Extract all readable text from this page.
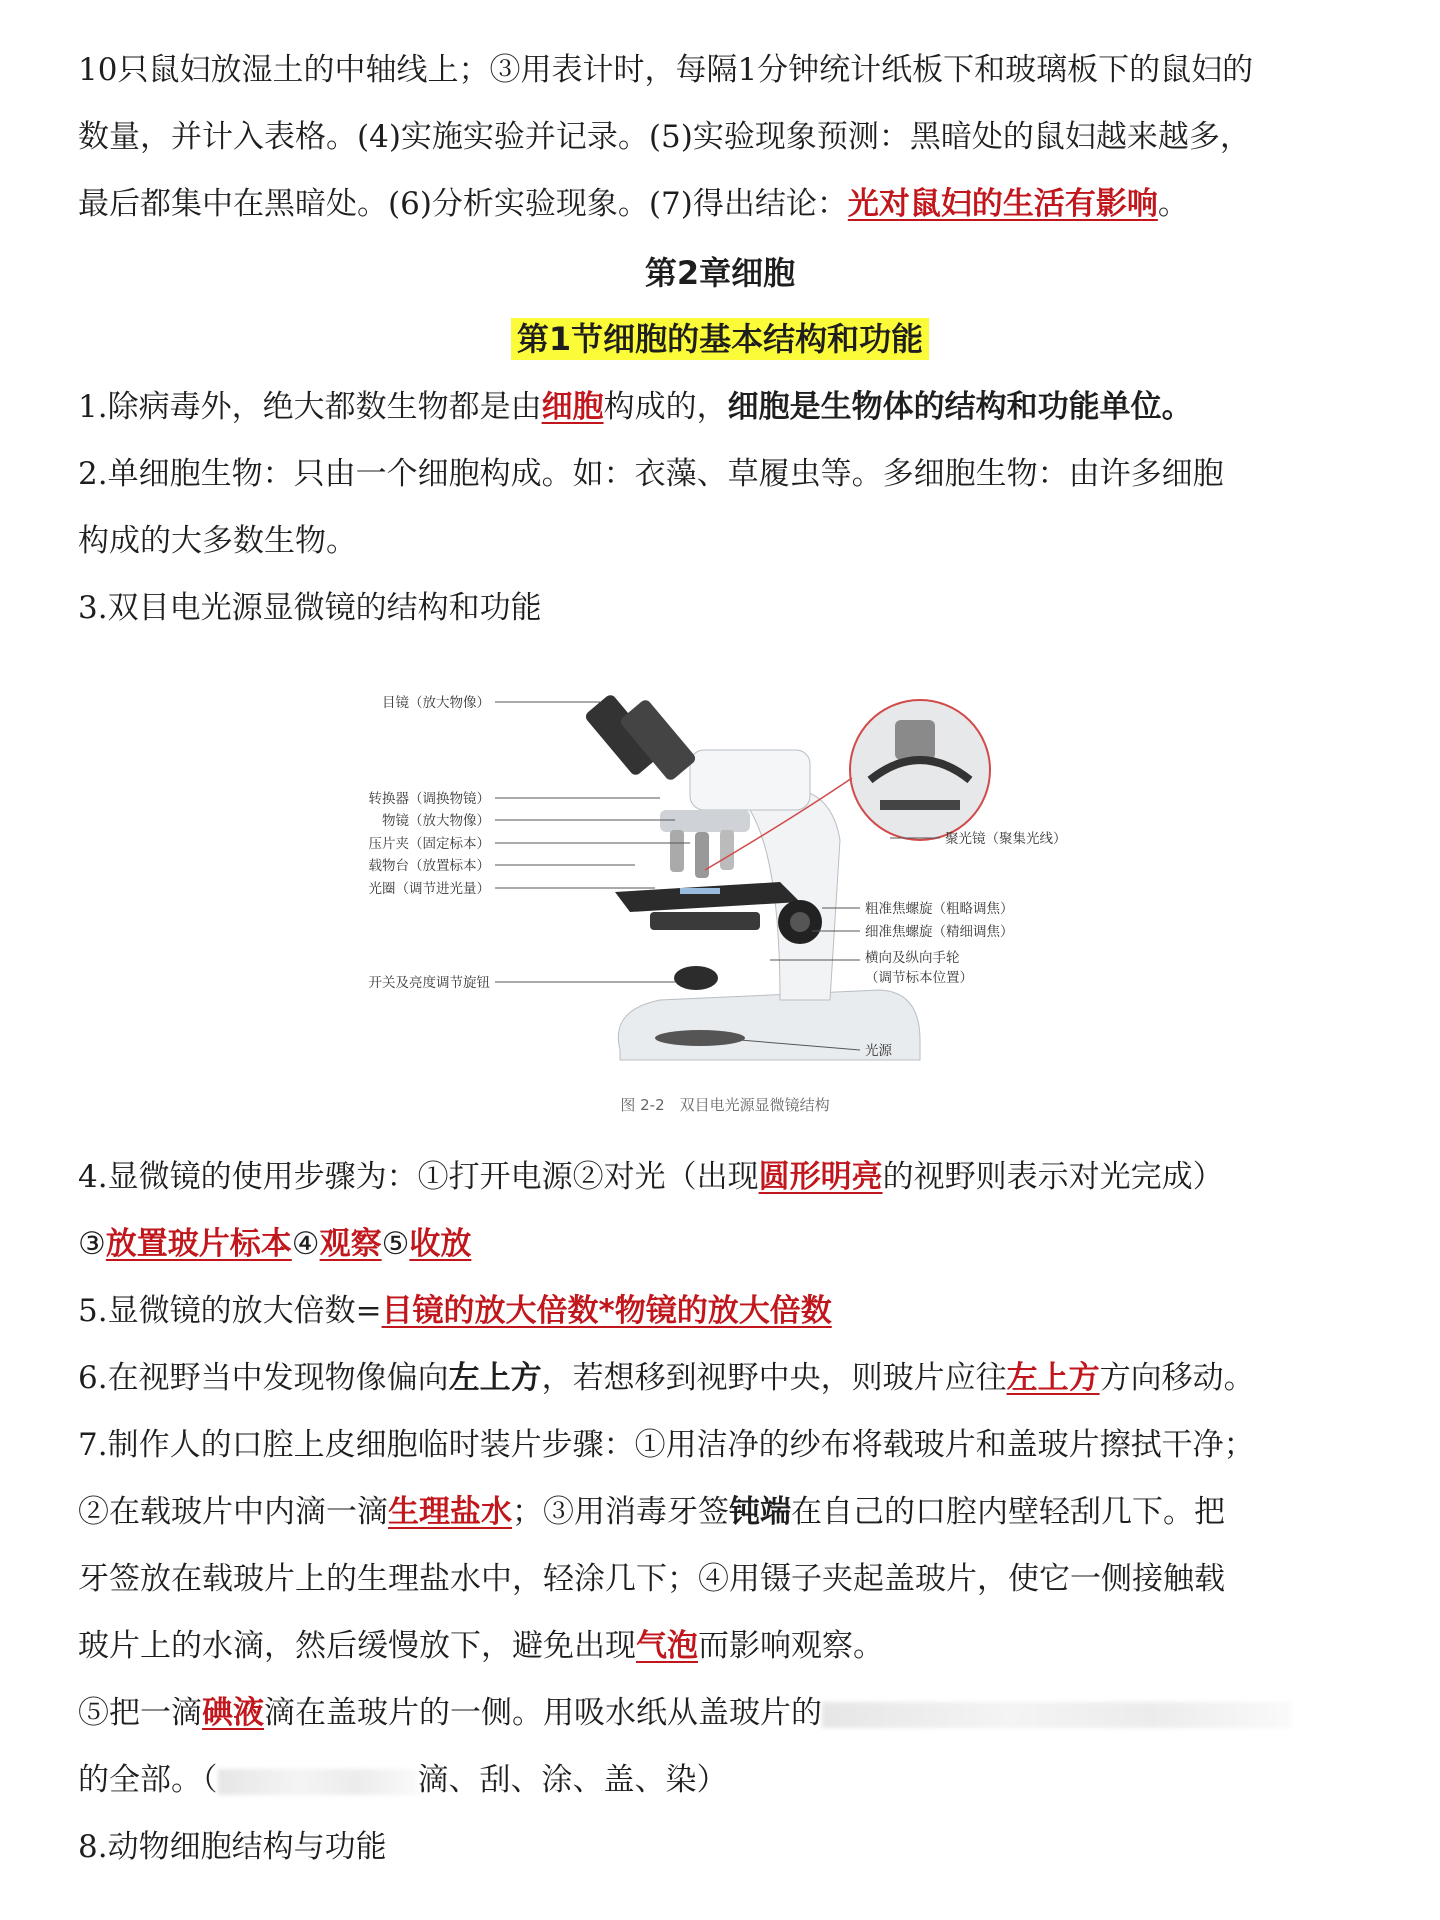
10只鼠妇放湿土的中轴线上；③用表计时，每隔1分钟统计纸板下和玻璃板下的鼠妇的
数量，并计入表格。(4)实施实验并记录。(5)实验现象预测：黑暗处的鼠妇越来越多，
最后都集中在黑暗处。(6)分析实验现象。(7)得出结论：光对鼠妇的生活有影响。
第2章细胞
第1节细胞的基本结构和功能
1.除病毒外，绝大都数生物都是由细胞构成的，细胞是生物体的结构和功能单位。
2.单细胞生物：只由一个细胞构成。如：衣藻、草履虫等。多细胞生物：由许多细胞
构成的大多数生物。
3.双目电光源显微镜的结构和功能
目镜（放大物像）
转换器（调换物镜）
物镜（放大物像）
压片夹（固定标本）
载物台（放置标本）
光圈（调节进光量）
开关及亮度调节旋钮
聚光镜（聚集光线）
粗准焦螺旋（粗略调焦）
细准焦螺旋（精细调焦）
横向及纵向手轮
（调节标本位置）
光源
图 2-2　双目电光源显微镜结构
4.显微镜的使用步骤为：①打开电源②对光（出现圆形明亮的视野则表示对光完成）
③放置玻片标本④观察⑤收放
5.显微镜的放大倍数=目镜的放大倍数*物镜的放大倍数
6.在视野当中发现物像偏向左上方，若想移到视野中央，则玻片应往左上方方向移动。
7.制作人的口腔上皮细胞临时装片步骤：①用洁净的纱布将载玻片和盖玻片擦拭干净；
②在载玻片中内滴一滴生理盐水；③用消毒牙签钝端在自己的口腔内壁轻刮几下。把
牙签放在载玻片上的生理盐水中，轻涂几下；④用镊子夹起盖玻片，使它一侧接触载
玻片上的水滴，然后缓慢放下，避免出现气泡而影响观察。
⑤把一滴碘液滴在盖玻片的一侧。用吸水纸从盖玻片的
的全部。（	滴、刮、涂、盖、染）
8.动物细胞结构与功能
